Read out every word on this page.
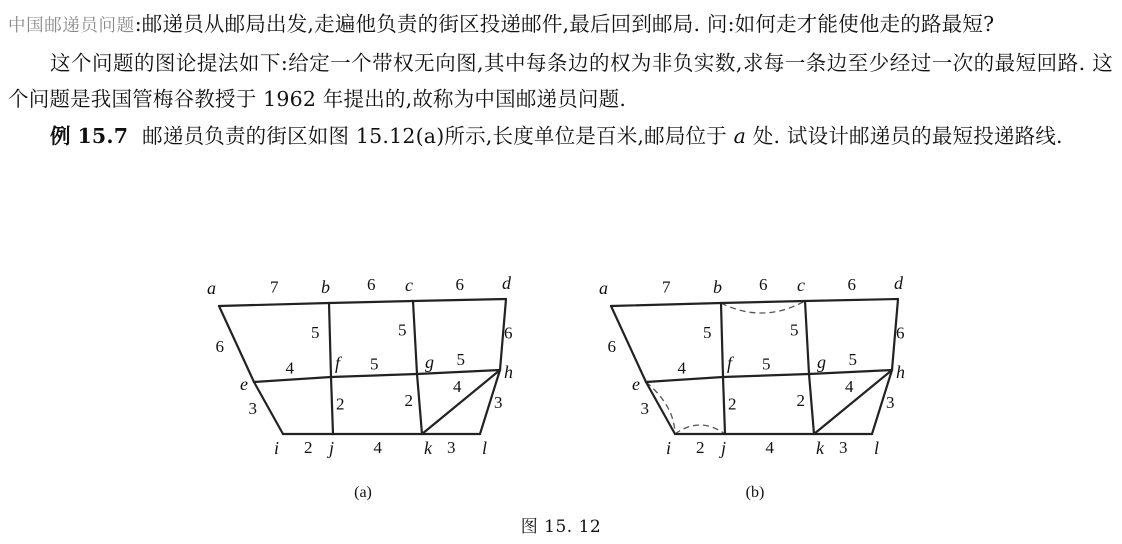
中国邮递员问题:邮递员从邮局出发,走遍他负责的街区投递邮件,最后回到邮局. 问:如何走才能使他走的路最短?

这个问题的图论提法如下:给定一个带权无向图,其中每条边的权为非负实数,求每一条边至少经过一次的最短回路. 这个问题是我国管梅谷教授于 1962 年提出的,故称为中国邮递员问题.

例 15.7 邮递员负责的街区如图 15.12(a)所示,长度单位是百米,邮局位于 a 处. 试设计邮递员的最短投递路线.

7	6	6
6
5	5	6
4	5	5
3	2	2
4
3
2	4	3
a	b	c	d
e
f	g	h
i	j	k	l
(a)
7	6	6
6
5	5	6
4	5	5
3	2	2
4
3
2	4	3
a	b	c	d
e
f	g	h
i	j	k	l
(b)
图 15. 12
